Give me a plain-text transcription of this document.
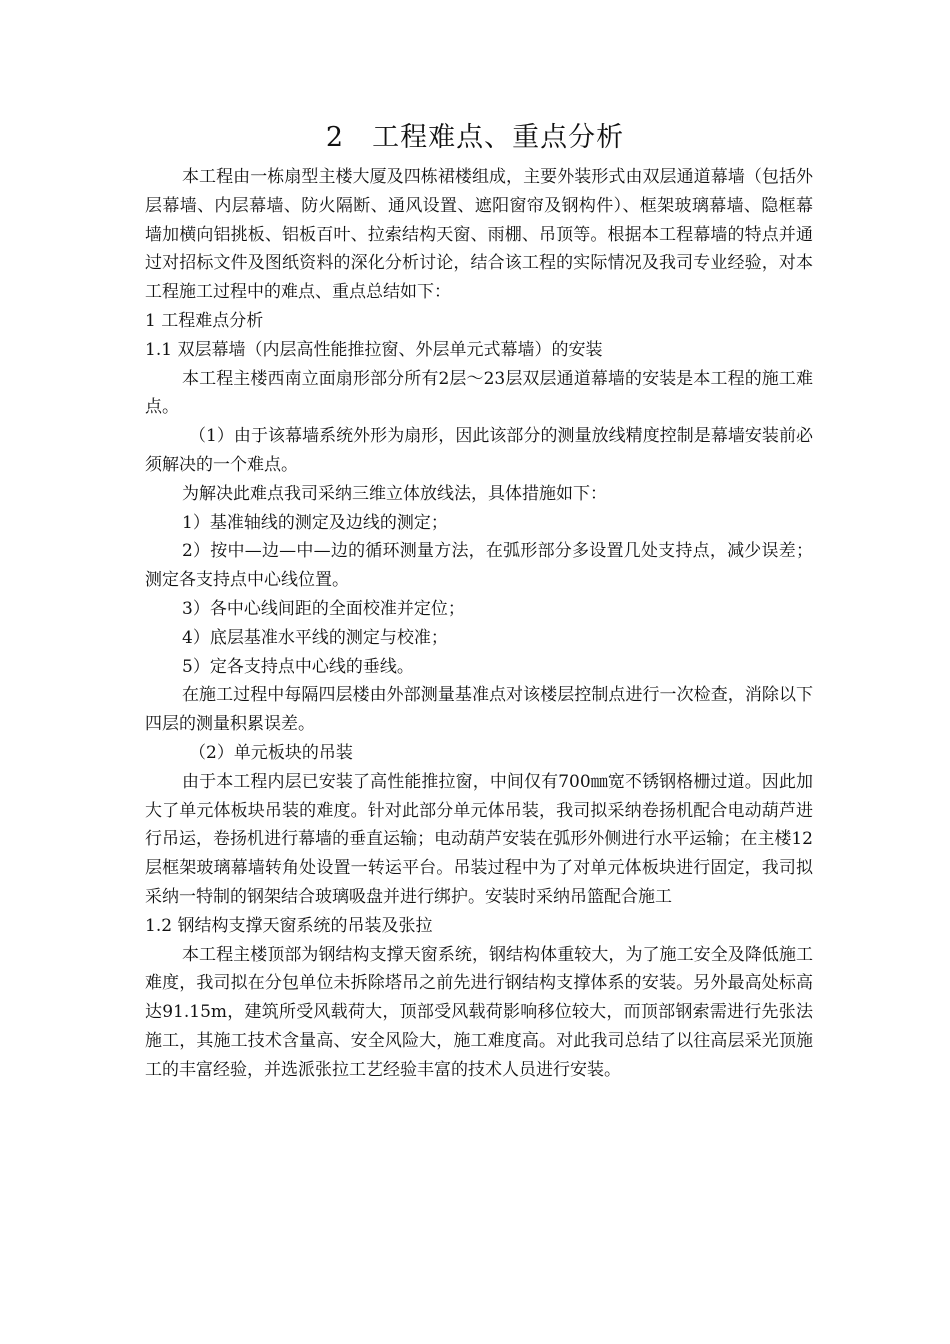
2　工程难点、重点分析

本工程由一栋扇型主楼大厦及四栋裙楼组成，主要外装形式由双层通道幕墙（包括外层幕墙、内层幕墙、防火隔断、通风设置、遮阳窗帘及钢构件）、框架玻璃幕墙、隐框幕墙加横向铝挑板、铝板百叶、拉索结构天窗、雨棚、吊顶等。根据本工程幕墙的特点并通过对招标文件及图纸资料的深化分析讨论，结合该工程的实际情况及我司专业经验，对本工程施工过程中的难点、重点总结如下：

1 工程难点分析

1.1 双层幕墙（内层高性能推拉窗、外层单元式幕墙）的安装

本工程主楼西南立面扇形部分所有2层～23层双层通道幕墙的安装是本工程的施工难点。

（1）由于该幕墙系统外形为扇形，因此该部分的测量放线精度控制是幕墙安装前必须解决的一个难点。

为解决此难点我司采纳三维立体放线法，具体措施如下：

1）基准轴线的测定及边线的测定；

2）按中—边—中—边的循环测量方法，在弧形部分多设置几处支持点，减少误差；测定各支持点中心线位置。

3）各中心线间距的全面校准并定位；

4）底层基准水平线的测定与校准；

5）定各支持点中心线的垂线。

在施工过程中每隔四层楼由外部测量基准点对该楼层控制点进行一次检查，消除以下四层的测量积累误差。

（2）单元板块的吊装

由于本工程内层已安装了高性能推拉窗，中间仅有700㎜宽不锈钢格栅过道。因此加大了单元体板块吊装的难度。针对此部分单元体吊装，我司拟采纳卷扬机配合电动葫芦进行吊运，卷扬机进行幕墙的垂直运输；电动葫芦安装在弧形外侧进行水平运输；在主楼12层框架玻璃幕墙转角处设置一转运平台。吊装过程中为了对单元体板块进行固定，我司拟采纳一特制的钢架结合玻璃吸盘并进行绑护。安装时采纳吊篮配合施工

1.2 钢结构支撑天窗系统的吊装及张拉

本工程主楼顶部为钢结构支撑天窗系统，钢结构体重较大，为了施工安全及降低施工难度，我司拟在分包单位未拆除塔吊之前先进行钢结构支撑体系的安装。另外最高处标高达91.15m，建筑所受风载荷大，顶部受风载荷影响移位较大，而顶部钢索需进行先张法施工，其施工技术含量高、安全风险大，施工难度高。对此我司总结了以往高层采光顶施工的丰富经验，并选派张拉工艺经验丰富的技术人员进行安装。
